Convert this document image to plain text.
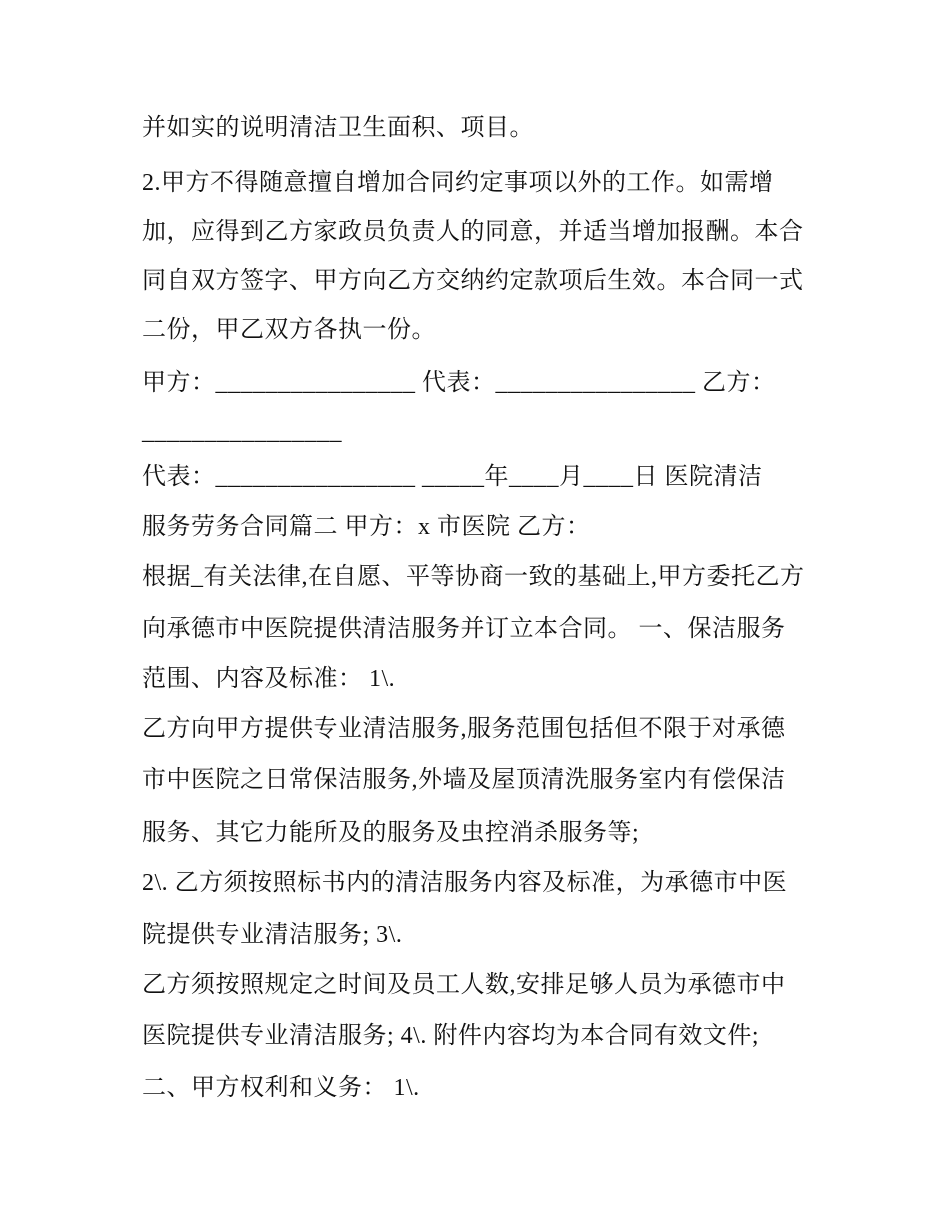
并如实的说明清洁卫生面积、项目。
2.甲方不得随意擅自增加合同约定事项以外的工作。如需增
加，应得到乙方家政员负责人的同意，并适当增加报酬。本合
同自双方签字、甲方向乙方交纳约定款项后生效。本合同一式
二份，甲乙双方各执一份。
甲方：________________ 代表：________________ 乙方：
________________
代表：________________ _____年____月____日 医院清洁
服务劳务合同篇二 甲方：x 市医院 乙方：
根据_有关法律,在自愿、平等协商一致的基础上,甲方委托乙方
向承德市中医院提供清洁服务并订立本合同。 一、保洁服务
范围、内容及标准： 1\.
乙方向甲方提供专业清洁服务,服务范围包括但不限于对承德
市中医院之日常保洁服务,外墙及屋顶清洗服务室内有偿保洁
服务、其它力能所及的服务及虫控消杀服务等;
2\. 乙方须按照标书内的清洁服务内容及标准，为承德市中医
院提供专业清洁服务; 3\.
乙方须按照规定之时间及员工人数,安排足够人员为承德市中
医院提供专业清洁服务; 4\. 附件内容均为本合同有效文件;
二、甲方权利和义务： 1\.
